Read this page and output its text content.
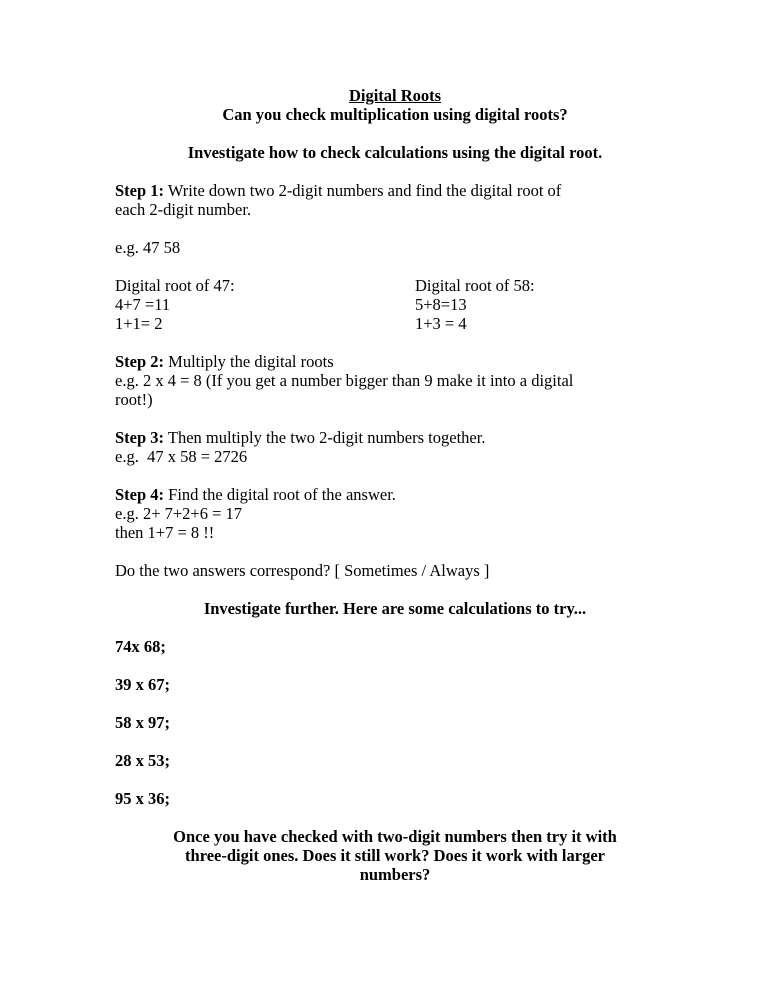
Digital Roots
Can you check multiplication using digital roots?
Investigate how to check calculations using the digital root.
Step 1: Write down two 2-digit numbers and find the digital root of
each 2-digit number.
e.g. 47 58
Digital root of 47:
4+7 =11
1+1= 2
Digital root of 58:
5+8=13
1+3 = 4
Step 2: Multiply the digital roots
e.g. 2 x 4 = 8 (If you get a number bigger than 9 make it into a digital
root!)
Step 3: Then multiply the two 2-digit numbers together.
e.g.  47 x 58 = 2726
Step 4: Find the digital root of the answer.
e.g. 2+ 7+2+6 = 17
then 1+7 = 8 !!
Do the two answers correspond? [ Sometimes / Always ]
Investigate further. Here are some calculations to try...
74x 68;
39 x 67;
58 x 97;
28 x 53;
95 x 36;
Once you have checked with two-digit numbers then try it with
three-digit ones. Does it still work? Does it work with larger
numbers?
